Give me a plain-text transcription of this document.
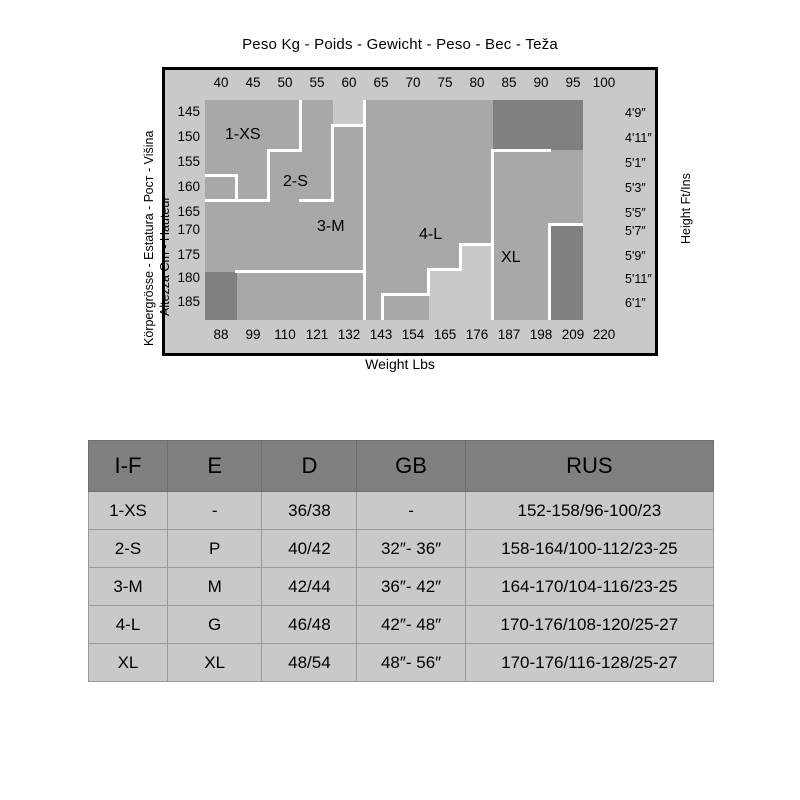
Peso Kg - Poids - Gewicht - Peso - Вес - Teža
1-XS
2-S
3-M	4-L
XL
40	45	50	55	60	65	70	75	80	85	90	95 100
88	99	110 121 132 143 154 165 176 187 198 209 220
145
150
155
160
165
170
175
180
185
4'9″
4'11″
5'1″
5'3″
5'5″
5'7″
5'9″
5'11″
6'1″
Weight Lbs
Altezza Cm - Hauteur
Körpergrösse - Estatura - Рост - Višina	Height Ft/Ins
I-F	E	D	GB	RUS
1-XS	-	36/38	-	152-158/96-100/23
2-S	P	40/42	32″- 36″	158-164/100-112/23-25
3-M	M	42/44	36″- 42″	164-170/104-116/23-25
4-L	G	46/48	42″- 48″	170-176/108-120/25-27
XL	XL	48/54	48″- 56″	170-176/116-128/25-27
